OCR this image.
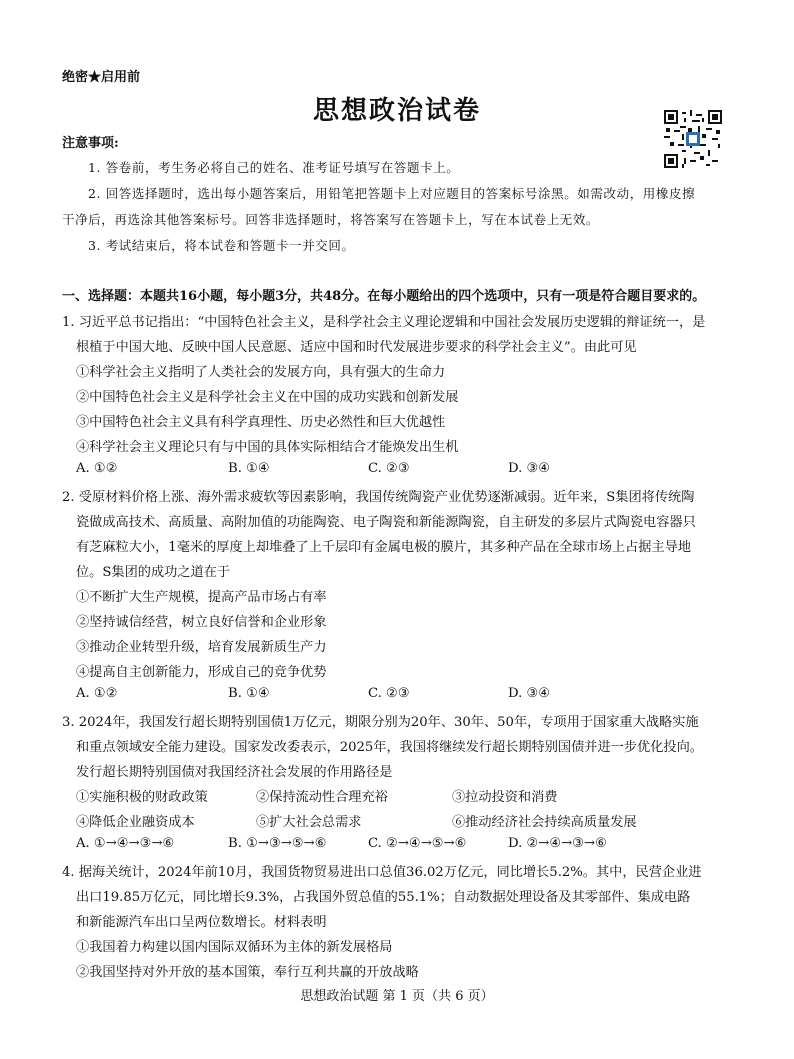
绝密★启用前
思想政治试卷
注意事项:
1. 答卷前，考生务必将自己的姓名、准考证号填写在答题卡上。
2. 回答选择题时，选出每小题答案后，用铅笔把答题卡上对应题目的答案标号涂黑。如需改动，用橡皮擦
干净后，再选涂其他答案标号。回答非选择题时，将答案写在答题卡上，写在本试卷上无效。
3. 考试结束后，将本试卷和答题卡一并交回。
一、选择题：本题共16小题，每小题3分，共48分。在每小题给出的四个选项中，只有一项是符合题目要求的。
1. 习近平总书记指出：“中国特色社会主义，是科学社会主义理论逻辑和中国社会发展历史逻辑的辩证统一，是
根植于中国大地、反映中国人民意愿、适应中国和时代发展进步要求的科学社会主义”。由此可见
①科学社会主义指明了人类社会的发展方向，具有强大的生命力
②中国特色社会主义是科学社会主义在中国的成功实践和创新发展
③中国特色社会主义具有科学真理性、历史必然性和巨大优越性
④科学社会主义理论只有与中国的具体实际相结合才能焕发出生机
A. ①②	B. ①④	C. ②③	D. ③④
2. 受原材料价格上涨、海外需求疲软等因素影响，我国传统陶瓷产业优势逐渐减弱。近年来，S集团将传统陶
瓷做成高技术、高质量、高附加值的功能陶瓷、电子陶瓷和新能源陶瓷，自主研发的多层片式陶瓷电容器只
有芝麻粒大小，1毫米的厚度上却堆叠了上千层印有金属电极的膜片，其多种产品在全球市场上占据主导地
位。S集团的成功之道在于
①不断扩大生产规模，提高产品市场占有率
②坚持诚信经营，树立良好信誉和企业形象
③推动企业转型升级，培育发展新质生产力
④提高自主创新能力，形成自己的竞争优势
A. ①②	B. ①④	C. ②③	D. ③④
3. 2024年，我国发行超长期特别国债1万亿元，期限分别为20年、30年、50年，专项用于国家重大战略实施
和重点领域安全能力建设。国家发改委表示，2025年，我国将继续发行超长期特别国债并进一步优化投向。
发行超长期特别国债对我国经济社会发展的作用路径是
①实施积极的财政政策	②保持流动性合理充裕	③拉动投资和消费
④降低企业融资成本	⑤扩大社会总需求	⑥推动经济社会持续高质量发展
A. ①→④→③→⑥	B. ①→③→⑤→⑥	C. ②→④→⑤→⑥	D. ②→④→③→⑥
4. 据海关统计，2024年前10月，我国货物贸易进出口总值36.02万亿元，同比增长5.2%。其中，民营企业进
出口19.85万亿元，同比增长9.3%，占我国外贸总值的55.1%；自动数据处理设备及其零部件、集成电路
和新能源汽车出口呈两位数增长。材料表明
①我国着力构建以国内国际双循环为主体的新发展格局
②我国坚持对外开放的基本国策，奉行互利共赢的开放战略
思想政治试题 第 1 页（共 6 页）
